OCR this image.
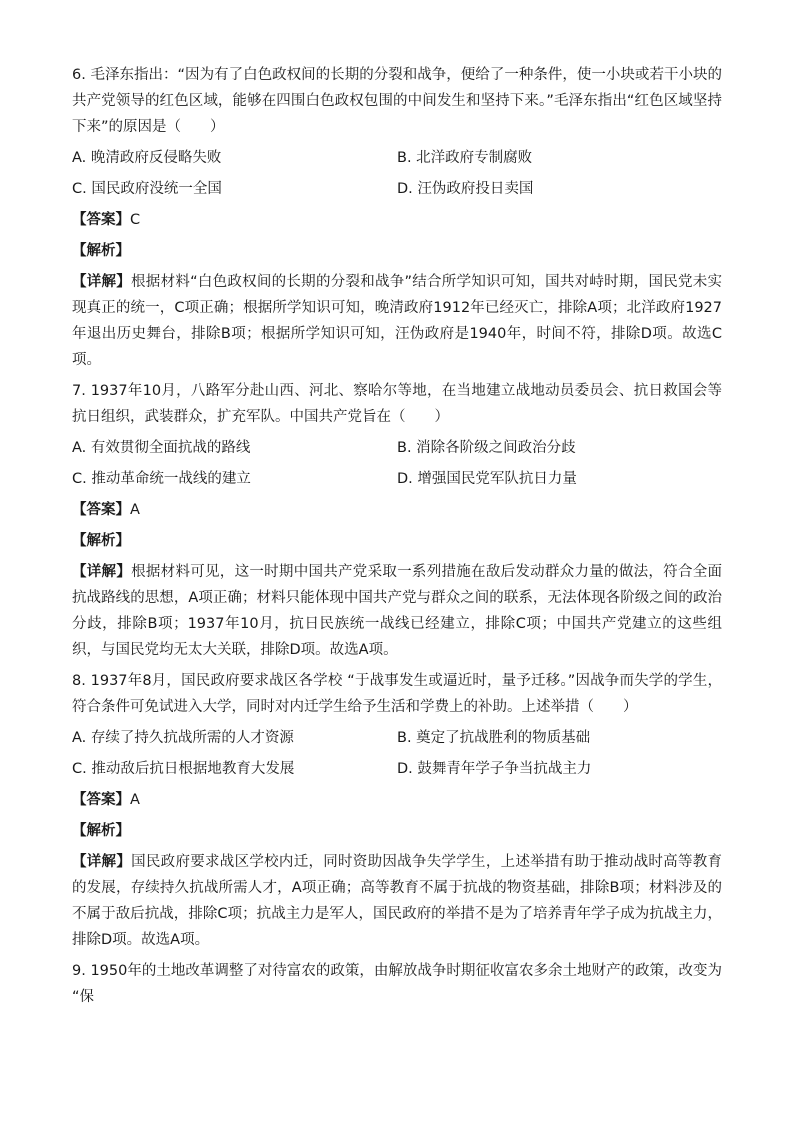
6. 毛泽东指出：“因为有了白色政权间的长期的分裂和战争，便给了一种条件，使一小块或若干小块的共产党领导的红色区域，能够在四围白色政权包围的中间发生和坚持下来。”毛泽东指出“红色区域坚持下来”的原因是（　　）

A. 晚清政府反侵略失败	B. 北洋政府专制腐败
C. 国民政府没统一全国	D. 汪伪政府投日卖国

【答案】C

【解析】

【详解】根据材料“白色政权间的长期的分裂和战争”结合所学知识可知，国共对峙时期，国民党未实现真正的统一，C项正确；根据所学知识可知，晚清政府1912年已经灭亡，排除A项；北洋政府1927年退出历史舞台，排除B项；根据所学知识可知，汪伪政府是1940年，时间不符，排除D项。故选C项。

7. 1937年10月，八路军分赴山西、河北、察哈尔等地，在当地建立战地动员委员会、抗日救国会等抗日组织，武装群众，扩充军队。中国共产党旨在（　　）

A. 有效贯彻全面抗战的路线	B. 消除各阶级之间政治分歧
C. 推动革命统一战线的建立	D. 增强国民党军队抗日力量

【答案】A

【解析】

【详解】根据材料可见，这一时期中国共产党采取一系列措施在敌后发动群众力量的做法，符合全面抗战路线的思想，A项正确；材料只能体现中国共产党与群众之间的联系，无法体现各阶级之间的政治分歧，排除B项；1937年10月，抗日民族统一战线已经建立，排除C项；中国共产党建立的这些组织，与国民党均无太大关联，排除D项。故选A项。

8. 1937年8月，国民政府要求战区各学校 “于战事发生或逼近时，量予迁移。”因战争而失学的学生，符合条件可免试进入大学，同时对内迁学生给予生活和学费上的补助。上述举措（　　）

A. 存续了持久抗战所需的人才资源	B. 奠定了抗战胜利的物质基础
C. 推动敌后抗日根据地教育大发展	D. 鼓舞青年学子争当抗战主力

【答案】A

【解析】

【详解】国民政府要求战区学校内迁，同时资助因战争失学学生，上述举措有助于推动战时高等教育的发展，存续持久抗战所需人才，A项正确；高等教育不属于抗战的物资基础，排除B项；材料涉及的不属于敌后抗战，排除C项；抗战主力是军人，国民政府的举措不是为了培养青年学子成为抗战主力，排除D项。故选A项。

9. 1950年的土地改革调整了对待富农的政策，由解放战争时期征收富农多余土地财产的政策，改变为 “保
